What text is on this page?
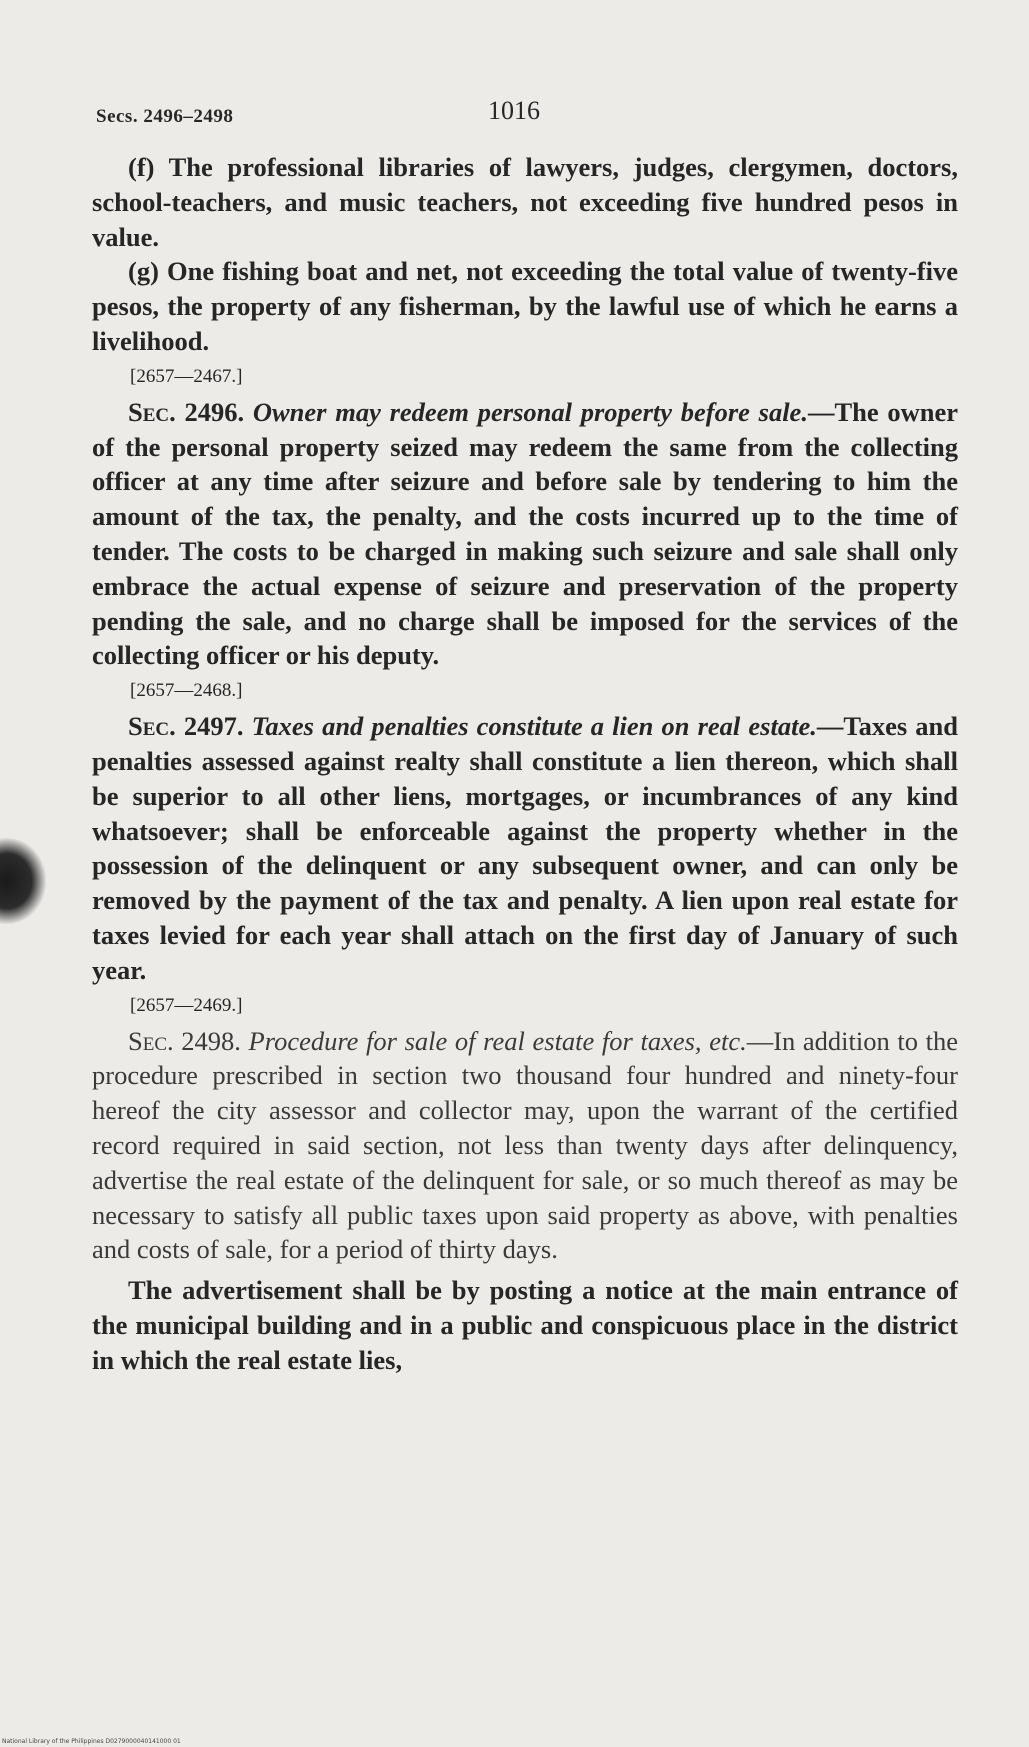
Secs. 2496–2498	1016

(f) The professional libraries of lawyers, judges, clergymen, doctors, school-teachers, and music teachers, not exceeding five hundred pesos in value.

(g) One fishing boat and net, not exceeding the total value of twenty-five pesos, the property of any fisherman, by the lawful use of which he earns a livelihood.

[2657—2467.]

Sec. 2496. Owner may redeem personal property before sale.—The owner of the personal property seized may redeem the same from the collecting officer at any time after seizure and before sale by tendering to him the amount of the tax, the penalty, and the costs incurred up to the time of tender. The costs to be charged in making such seizure and sale shall only embrace the actual expense of seizure and preservation of the property pending the sale, and no charge shall be imposed for the services of the collecting officer or his deputy.

[2657—2468.]

Sec. 2497. Taxes and penalties constitute a lien on real estate.—Taxes and penalties assessed against realty shall constitute a lien thereon, which shall be superior to all other liens, mortgages, or incumbrances of any kind whatsoever; shall be enforceable against the property whether in the possession of the delinquent or any subsequent owner, and can only be removed by the payment of the tax and penalty. A lien upon real estate for taxes levied for each year shall attach on the first day of January of such year.

[2657—2469.]

Sec. 2498. Procedure for sale of real estate for taxes, etc.—In addition to the procedure prescribed in section two thousand four hundred and ninety-four hereof the city assessor and collector may, upon the warrant of the certified record required in said section, not less than twenty days after delinquency, advertise the real estate of the delinquent for sale, or so much thereof as may be necessary to satisfy all public taxes upon said property as above, with penalties and costs of sale, for a period of thirty days.

The advertisement shall be by posting a notice at the main entrance of the municipal building and in a public and conspicuous place in the district in which the real estate lies,

National Library of the Philippines D0279000040141000 01
